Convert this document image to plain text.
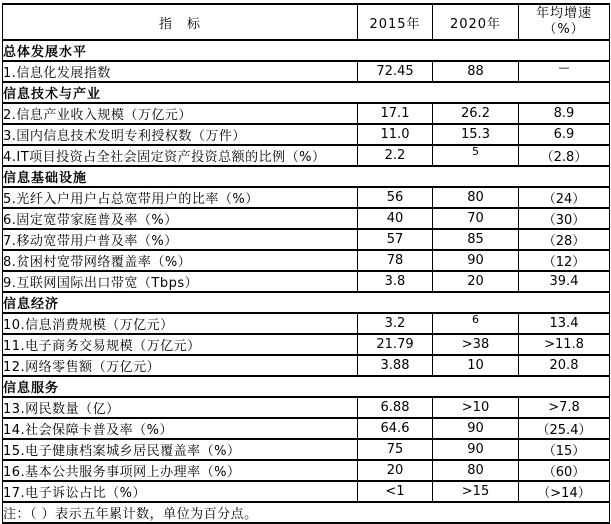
指　标	2015年	2020年	年均增速
（%）

总体发展水平			
1.信息化发展指数	72.45	88	—
信息技术与产业			
2.信息产业收入规模（万亿元）	17.1	26.2	8.9
3.国内信息技术发明专利授权数（万件）	11.0	15.3	6.9
4.IT项目投资占全社会固定资产投资总额的比例（%）	2.2	5	（2.8）
信息基础设施			
5.光纤入户用户占总宽带用户的比率（%）	56	80	（24）
6.固定宽带家庭普及率（%）	40	70	（30）
7.移动宽带用户普及率（%）	57	85	（28）
8.贫困村宽带网络覆盖率（%）	78	90	（12）
9.互联网国际出口带宽（Tbps）	3.8	20	39.4
信息经济			
10.信息消费规模（万亿元）	3.2	6	13.4
11.电子商务交易规模（万亿元）	21.79	>38	>11.8
12.网络零售额（万亿元）	3.88	10	20.8
信息服务			
13.网民数量（亿）	6.88	>10	>7.8
14.社会保障卡普及率（%）	64.6	90	（25.4）
15.电子健康档案城乡居民覆盖率（%）	75	90	（15）
16.基本公共服务事项网上办理率（%）	20	80	（60）
17.电子诉讼占比（%）	<1	>15	（>14）
注：（ ）表示五年累计数，单位为百分点。			
